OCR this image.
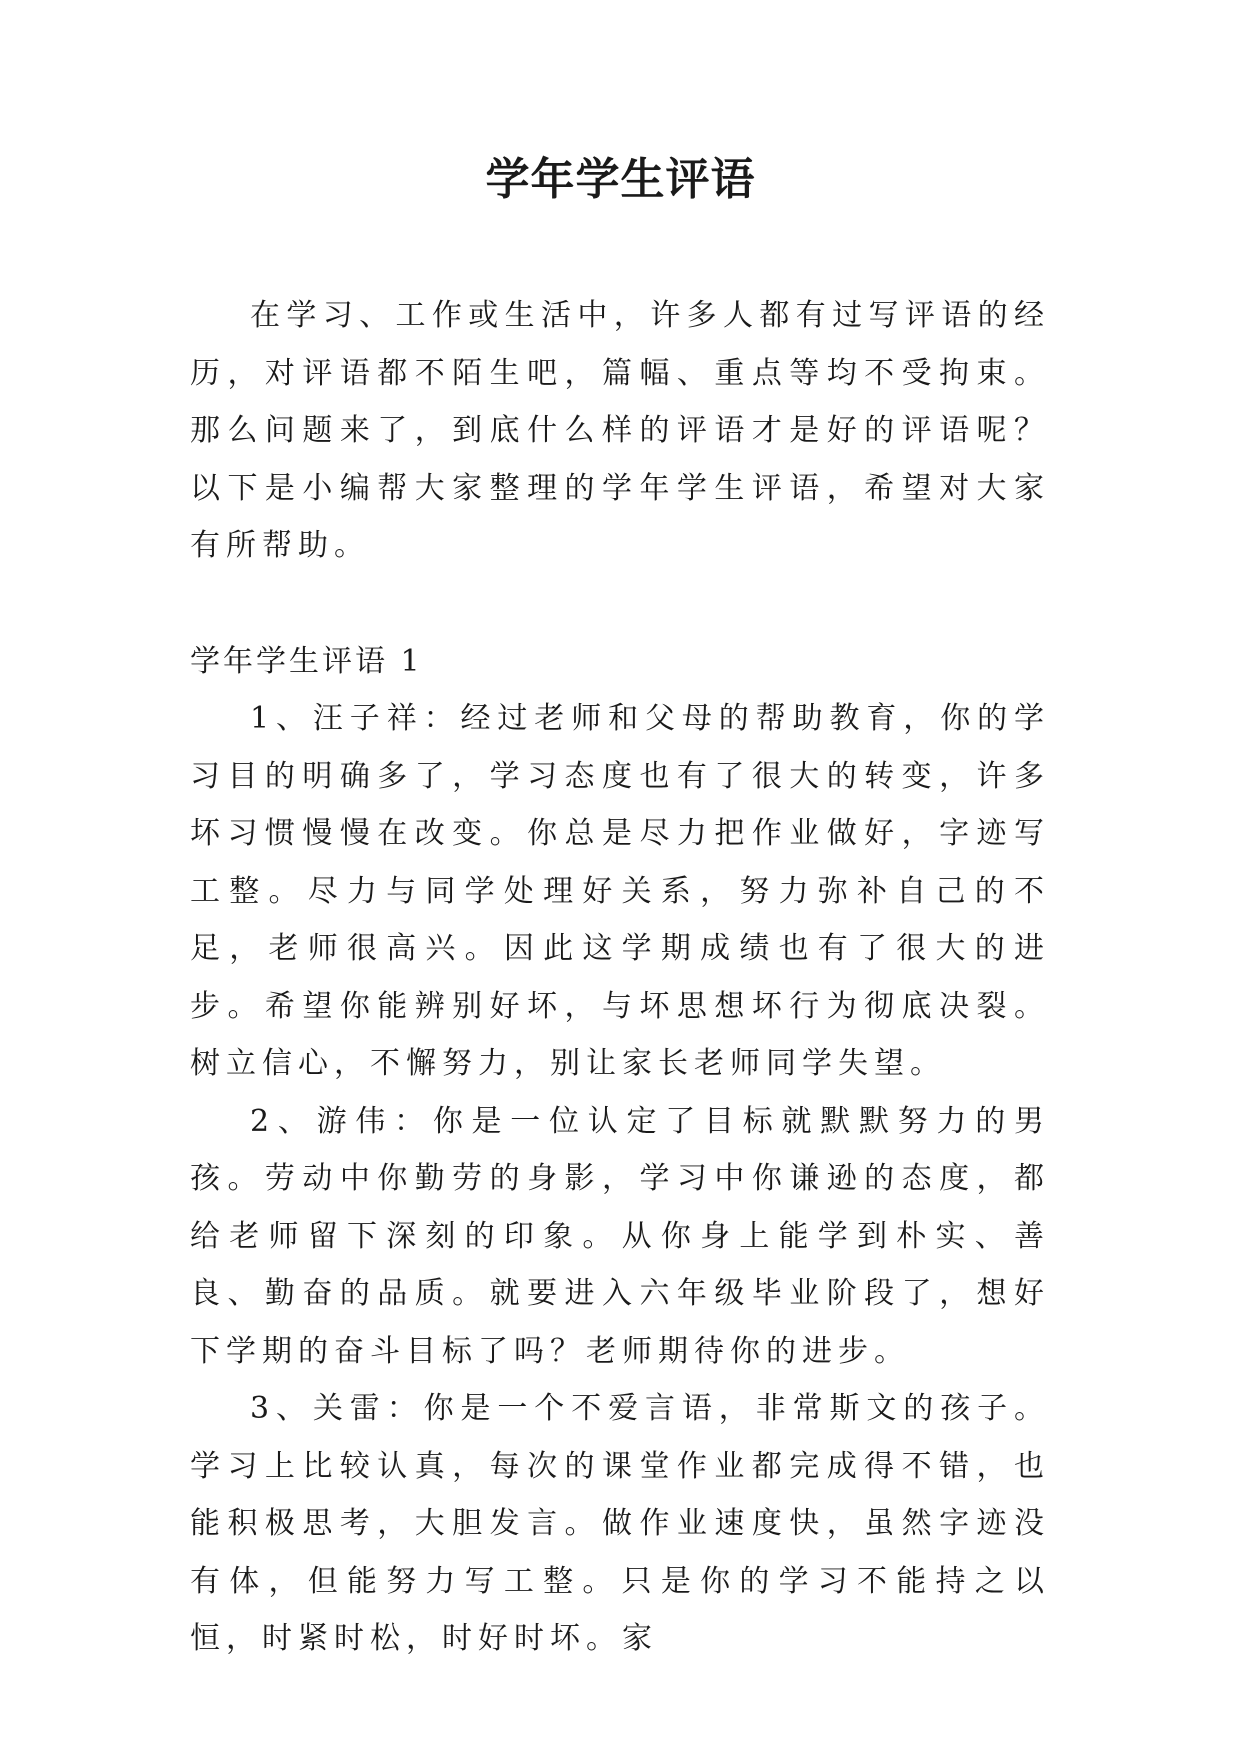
学年学生评语

在学习、工作或生活中，许多人都有过写评语的经历，对评语都不陌生吧，篇幅、重点等均不受拘束。那么问题来了，到底什么样的评语才是好的评语呢？以下是小编帮大家整理的学年学生评语，希望对大家有所帮助。

学年学生评语 1

1、汪子祥：经过老师和父母的帮助教育，你的学习目的明确多了，学习态度也有了很大的转变，许多坏习惯慢慢在改变。你总是尽力把作业做好，字迹写工整。尽力与同学处理好关系，努力弥补自己的不足，老师很高兴。因此这学期成绩也有了很大的进步。希望你能辨别好坏，与坏思想坏行为彻底决裂。树立信心，不懈努力，别让家长老师同学失望。

2、游伟：你是一位认定了目标就默默努力的男孩。劳动中你勤劳的身影，学习中你谦逊的态度，都给老师留下深刻的印象。从你身上能学到朴实、善良、勤奋的品质。就要进入六年级毕业阶段了，想好下学期的奋斗目标了吗？老师期待你的进步。

3、关雷：你是一个不爱言语，非常斯文的孩子。学习上比较认真，每次的课堂作业都完成得不错，也能积极思考，大胆发言。做作业速度快，虽然字迹没有体，但能努力写工整。只是你的学习不能持之以恒，时紧时松，时好时坏。家
